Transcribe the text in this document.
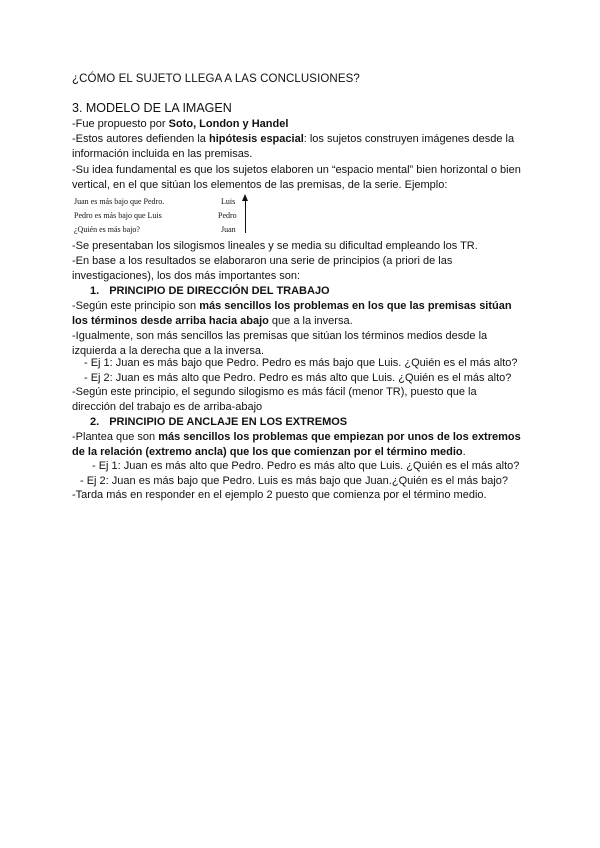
¿CÓMO EL SUJETO LLEGA A LAS CONCLUSIONES?
3. MODELO DE LA IMAGEN
-Fue propuesto por Soto, London y Handel
-Estos autores defienden la hipótesis espacial: los sujetos construyen imágenes desde la
información incluida en las premisas.
-Su idea fundamental es que los sujetos elaboren un “espacio mental” bien horizontal o bien
vertical, en el que sitúan los elementos de las premisas, de la serie. Ejemplo:
Juan es más bajo que Pedro.
Pedro es más bajo que Luis
¿Quién es más bajo?
Luis
Pedro
Juan
-Se presentaban los silogismos lineales y se media su dificultad empleando los TR.
-En base a los resultados se elaboraron una serie de principios (a priori de las
investigaciones), los dos más importantes son:
1. PRINCIPIO DE DIRECCIÓN DEL TRABAJO
-Según este principio son más sencillos los problemas en los que las premisas sitúan
los términos desde arriba hacia abajo que a la inversa.
-Igualmente, son más sencillos las premisas que sitúan los términos medios desde la
izquierda a la derecha que a la inversa.
- Ej 1: Juan es más bajo que Pedro. Pedro es más bajo que Luis. ¿Quién es el más alto?
- Ej 2: Juan es más alto que Pedro. Pedro es más alto que Luis. ¿Quién es el más alto?
-Según este principio, el segundo silogismo es más fácil (menor TR), puesto que la
dirección del trabajo es de arriba-abajo
2. PRINCIPIO DE ANCLAJE EN LOS EXTREMOS
-Plantea que son más sencillos los problemas que empiezan por unos de los extremos
de la relación (extremo ancla) que los que comienzan por el término medio.
- Ej 1: Juan es más alto que Pedro. Pedro es más alto que Luis. ¿Quién es el más alto?
- Ej 2: Juan es más bajo que Pedro. Luis es más bajo que Juan.¿Quién es el más bajo?
-Tarda más en responder en el ejemplo 2 puesto que comienza por el término medio.
